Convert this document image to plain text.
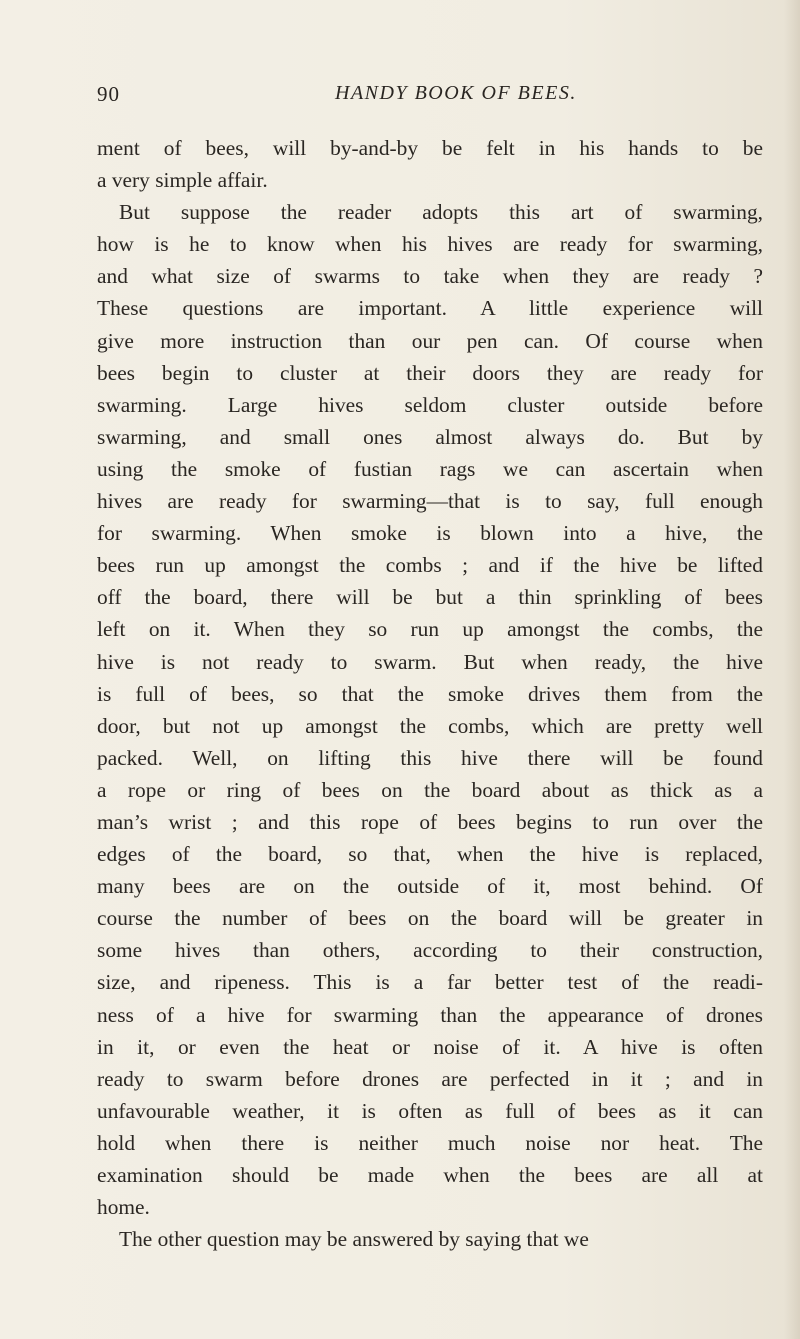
90	HANDY BOOK OF BEES.
ment of bees, will by-and-by be felt in his hands to be
a very simple affair.
But suppose the reader adopts this art of swarming,
how is he to know when his hives are ready for swarming,
and what size of swarms to take when they are ready ?
These questions are important. A little experience will
give more instruction than our pen can. Of course when
bees begin to cluster at their doors they are ready for
swarming. Large hives seldom cluster outside before
swarming, and small ones almost always do. But by
using the smoke of fustian rags we can ascertain when
hives are ready for swarming—that is to say, full enough
for swarming. When smoke is blown into a hive, the
bees run up amongst the combs ; and if the hive be lifted
off the board, there will be but a thin sprinkling of bees
left on it. When they so run up amongst the combs, the
hive is not ready to swarm. But when ready, the hive
is full of bees, so that the smoke drives them from the
door, but not up amongst the combs, which are pretty well
packed. Well, on lifting this hive there will be found
a rope or ring of bees on the board about as thick as a
man’s wrist ; and this rope of bees begins to run over the
edges of the board, so that, when the hive is replaced,
many bees are on the outside of it, most behind. Of
course the number of bees on the board will be greater in
some hives than others, according to their construction,
size, and ripeness. This is a far better test of the readi-
ness of a hive for swarming than the appearance of drones
in it, or even the heat or noise of it. A hive is often
ready to swarm before drones are perfected in it ; and in
unfavourable weather, it is often as full of bees as it can
hold when there is neither much noise nor heat. The
examination should be made when the bees are all at
home.
The other question may be answered by saying that we
